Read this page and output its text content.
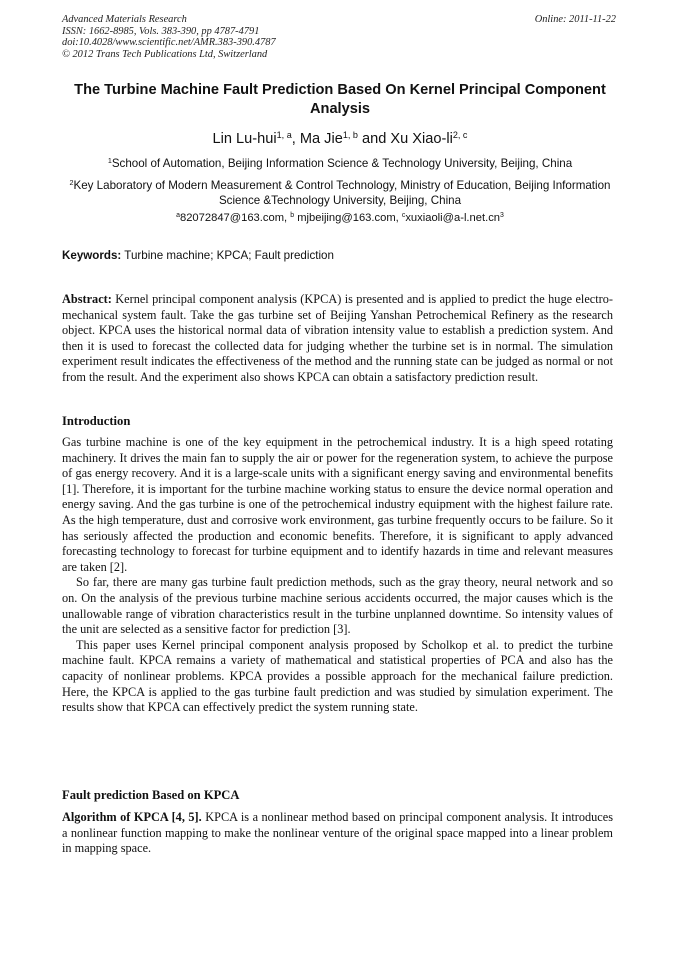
Advanced Materials Research	Online: 2011-11-22
ISSN: 1662-8985, Vols. 383-390, pp 4787-4791
doi:10.4028/www.scientific.net/AMR.383-390.4787
© 2012 Trans Tech Publications Ltd, Switzerland
The Turbine Machine Fault Prediction Based On Kernel Principal Component Analysis
Lin Lu-hui$^{1, a}$, Ma Jie$^{1, b}$ and Xu Xiao-li$^{2, c}$
$^1$School of Automation, Beijing Information Science & Technology University, Beijing, China
$^2$Key Laboratory of Modern Measurement & Control Technology, Ministry of Education, Beijing Information Science &Technology University, Beijing, China
$^a$82072847@163.com, $^b$ mjbeijing@163.com, $^cxuxiaoli@a-l.net.cn^3$
Keywords: Turbine machine; KPCA; Fault prediction

Abstract: Kernel principal component analysis (KPCA) is presented and is applied to predict the huge electro-mechanical system fault. Take the gas turbine set of Beijing Yanshan Petrochemical Refinery as the research object. KPCA uses the historical normal data of vibration intensity value to establish a prediction system. And then it is used to forecast the collected data for judging whether the turbine set is in normal. The simulation experiment result indicates the effectiveness of the method and the running state can be judged as normal or not from the result. And the experiment also shows KPCA can obtain a satisfactory prediction result.

Introduction

Gas turbine machine is one of the key equipment in the petrochemical industry. It is a high speed rotating machinery. It drives the main fan to supply the air or power for the regeneration system, to achieve the purpose of gas energy recovery. And it is a large-scale units with a significant energy saving and environmental benefits [1]. Therefore, it is important for the turbine machine working status to ensure the device normal operation and energy saving. And the gas turbine is one of the petrochemical industry equipment with the highest failure rate. As the high temperature, dust and corrosive work environment, gas turbine frequently occurs to be failure. So it has seriously affected the production and economic benefits. Therefore, it is significant to apply advanced forecasting technology to forecast for turbine equipment and to identify hazards in time and relevant measures are taken [2].

So far, there are many gas turbine fault prediction methods, such as the gray theory, neural network and so on. On the analysis of the previous turbine machine serious accidents occurred, the major causes which is the unallowable range of vibration characteristics result in the turbine unplanned downtime. So intensity values of the unit are selected as a sensitive factor for prediction [3].

This paper uses Kernel principal component analysis proposed by Scholkop et al. to predict the turbine machine fault. KPCA remains a variety of mathematical and statistical properties of PCA and also has the capacity of nonlinear problems. KPCA provides a possible approach for the mechanical failure prediction. Here, the KPCA is applied to the gas turbine fault prediction and was studied by simulation experiment. The results show that KPCA can effectively predict the system running state.

Fault prediction Based on KPCA

Algorithm of KPCA [4, 5]. KPCA is a nonlinear method based on principal component analysis. It introduces a nonlinear function mapping to make the nonlinear venture of the original space mapped into a linear problem in mapping space.
